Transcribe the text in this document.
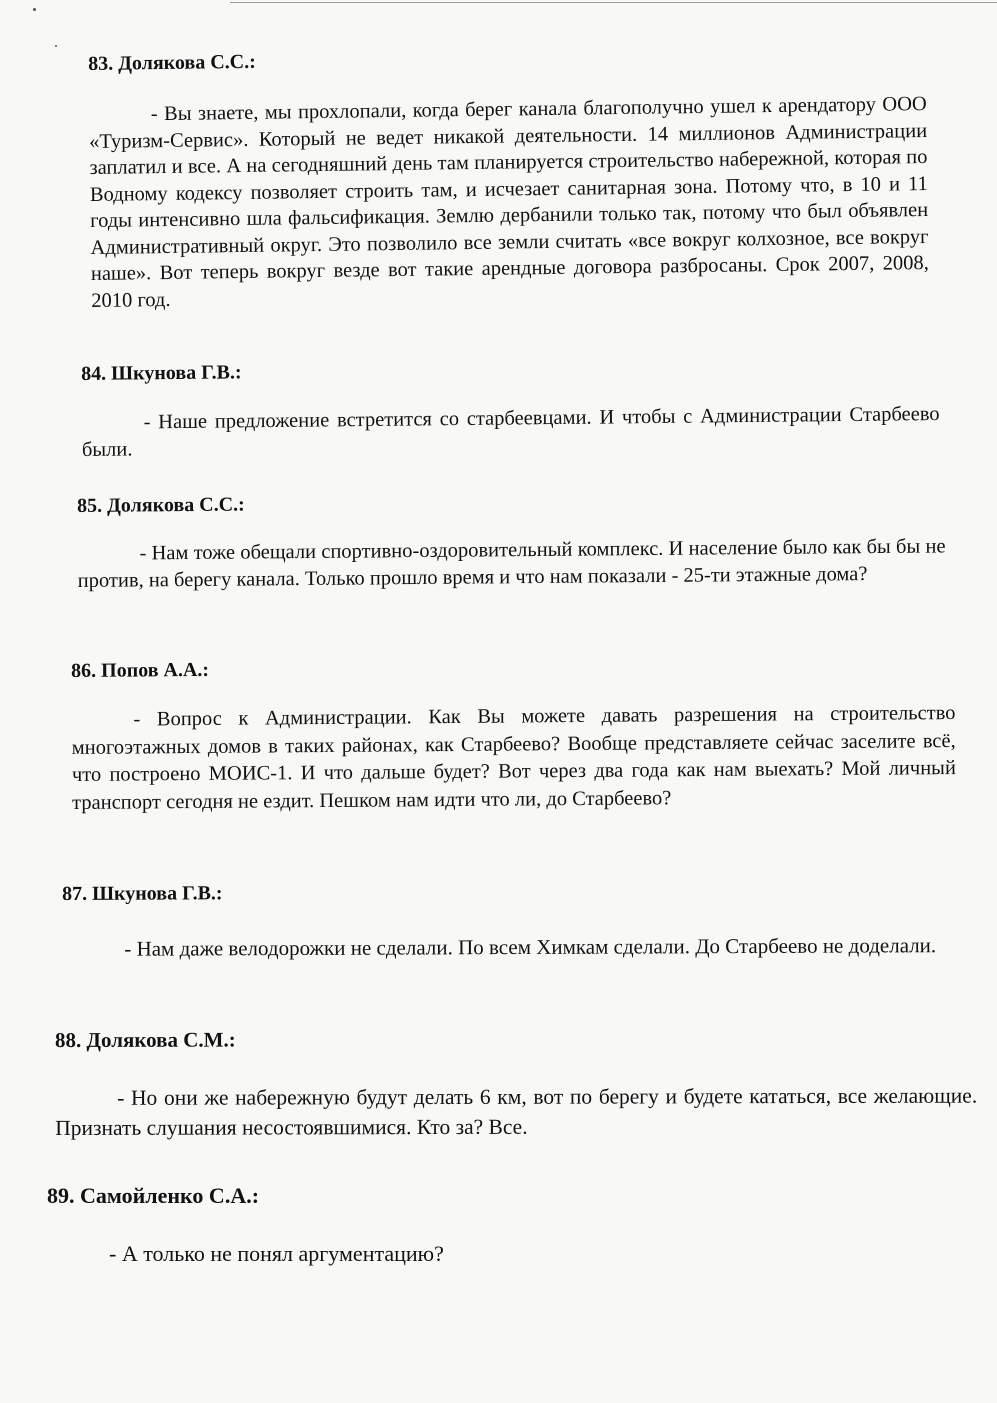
83. Долякова С.С.:

- Вы знаете, мы прохлопали, когда берег канала благополучно ушел к арендатору ООО «Туризм-Сервис». Который не ведет никакой деятельности. 14 миллионов Администрации заплатил и все. А на сегодняшний день там планируется строительство набережной, которая по Водному кодексу позволяет строить там, и исчезает санитарная зона. Потому что, в 10 и 11 годы интенсивно шла фальсификация. Землю дербанили только так, потому что был объявлен Административный округ. Это позволило все земли считать «все вокруг колхозное, все вокруг наше». Вот теперь вокруг везде вот такие арендные договора разбросаны. Срок 2007, 2008, 2010 год.

84. Шкунова Г.В.:

- Наше предложение встретится со старбеевцами. И чтобы с Администрации Старбеево были.

85. Долякова С.С.:

- Нам тоже обещали спортивно-оздоровительный комплекс. И население было как бы бы не против, на берегу канала. Только прошло время и что нам показали - 25-ти этажные дома?

86. Попов А.А.:

- Вопрос к Администрации. Как Вы можете давать разрешения на строительство многоэтажных домов в таких районах, как Старбеево? Вообще представляете сейчас заселите всё, что построено МОИС-1. И что дальше будет? Вот через два года как нам выехать? Мой личный транспорт сегодня не ездит. Пешком нам идти что ли, до Старбеево?

87. Шкунова Г.В.:

- Нам даже велодорожки не сделали. По всем Химкам сделали. До Старбеево не доделали.

88. Долякова С.М.:

- Но они же набережную будут делать 6 км, вот по берегу и будете кататься, все желающие. Признать слушания несостоявшимися. Кто за? Все.

89. Самойленко С.А.:

- А только не понял аргументацию?
